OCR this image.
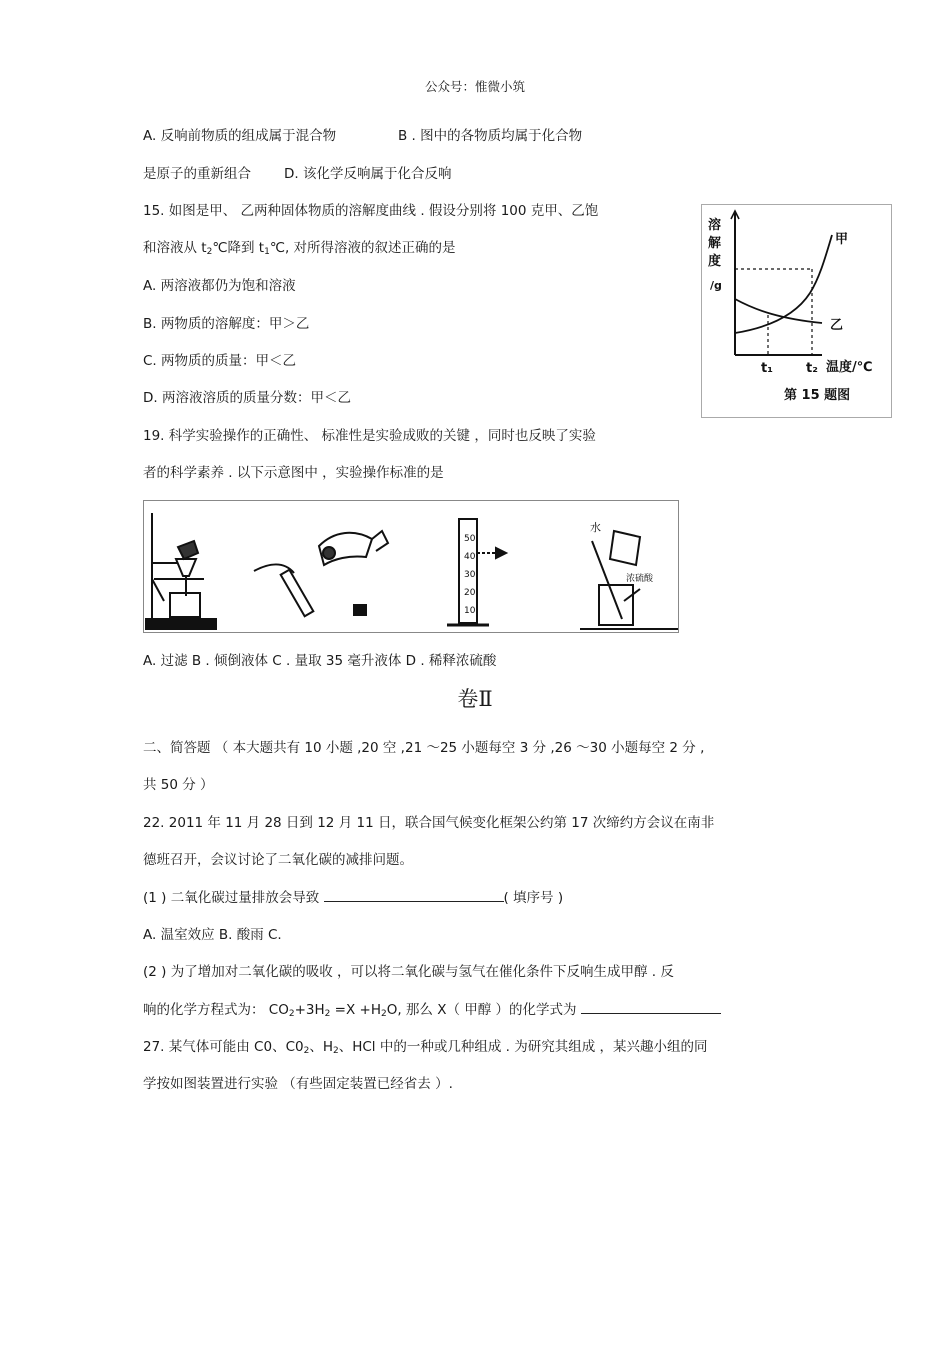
公众号：惟微小筑
A. 反响前物质的组成属于混合物	B . 图中的各物质均属于化合物
是原子的重新组合 D. 该化学反响属于化合反响
15. 如图是甲、 乙两种固体物质的溶解度曲线 . 假设分别将 100 克甲、乙饱
和溶液从 $t_2℃$降到 $t_1℃$, 对所得溶液的叙述正确的是
A. 两溶液都仍为饱和溶液
B. 两物质的溶解度：甲＞乙
C. 两物质的质量：甲＜乙
D. 两溶液溶质的质量分数：甲＜乙
溶
解
度
/g
甲
乙
t₁	t₂ 温度/℃
第 15 题图
19. 科学实验操作的正确性、 标准性是实验成败的关键 ，同时也反映了实验
者的科学素养 . 以下示意图中 ，实验操作标准的是
50
40
30
20
10
水
浓硫酸
A. 过滤 B . 倾倒液体 C . 量取 35 毫升液体 D . 稀释浓硫酸
卷Ⅱ
二、简答题 （ 本大题共有 10 小题 ,20 空 ,21 ～25 小题每空 3 分 ,26 ～30 小题每空 2 分 ,
共 50 分 ）
22. 2011 年 11 月 28 日到 12 月 11 日，联合国气候变化框架公约第 17 次缔约方会议在南非
德班召开，会议讨论了二氧化碳的减排问题。
(1 ) 二氧化碳过量排放会导致	( 填序号 )
A. 温室效应 B. 酸雨 C.
(2 ) 为了增加对二氧化碳的吸收 ，可以将二氧化碳与氢气在催化条件下反响生成甲醇 . 反
响的化学方程式为： $CO_2+3H_2 =X +H_2O$, 那么 X（ 甲醇 ）的化学式为
27. 某气体可能由 C0、$C0_2$、$H_2$、HCl 中的一种或几种组成 . 为研究其组成 ，某兴趣小组的同
学按如图装置进行实验 （有些固定装置已经省去 ）.
